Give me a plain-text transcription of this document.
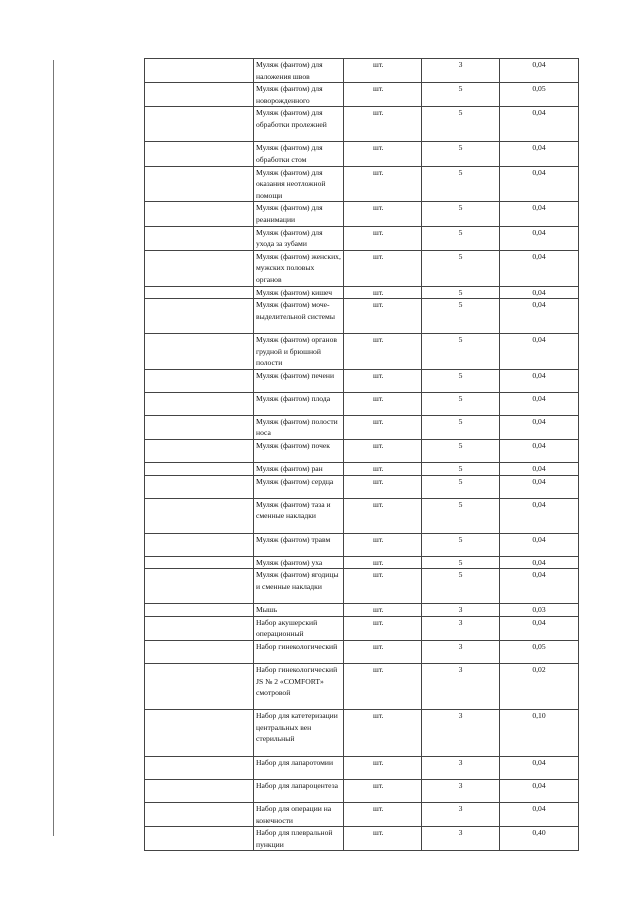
	Муляж (фантом) для наложения швов	шт.	3	0,04
	Муляж (фантом) для новорожденного	шт.	5	0,05
	Муляж (фантом) для обработки пролежней	шт.	5	0,04
	Муляж (фантом) для обработки стом	шт.	5	0,04
	Муляж (фантом) для оказания неотложной помощи	шт.	5	0,04
	Муляж (фантом) для реанимации	шт.	5	0,04
	Муляж (фантом) для ухода за зубами	шт.	5	0,04
	Муляж (фантом) женских, мужских половых органов	шт.	5	0,04
	Муляж (фантом) кишеч	шт.	5	0,04
	Муляж (фантом) моче-выделительной системы	шт.	5	0,04
	Муляж (фантом) органов грудной и брюшной полости	шт.	5	0,04
	Муляж (фантом) печени	шт.	5	0,04
	Муляж (фантом) плода	шт.	5	0,04
	Муляж (фантом) полости носа	шт.	5	0,04
	Муляж (фантом) почек	шт.	5	0,04
	Муляж (фантом) ран	шт.	5	0,04
	Муляж (фантом) сердца	шт.	5	0,04
	Муляж (фантом) таза и сменные накладки	шт.	5	0,04
	Муляж (фантом) травм	шт.	5	0,04
	Муляж (фантом) уха	шт.	5	0,04
	Муляж (фантом) ягодицы и сменные накладки	шт.	5	0,04
	Мышь	шт.	3	0,03
	Набор акушерский операционный	шт.	3	0,04
	Набор гинекологический	шт.	3	0,05
	Набор гинекологический JS № 2 «COMFORT» смотровой	шт.	3	0,02
	Набор для катетеризации центральных вен стерильный	шт.	3	0,10
	Набор для лапаротомии	шт.	3	0,04
	Набор для лапароцентеза	шт.	3	0,04
	Набор для операции на конечности	шт.	3	0,04
	Набор для плевральной пункции	шт.	3	0,40
